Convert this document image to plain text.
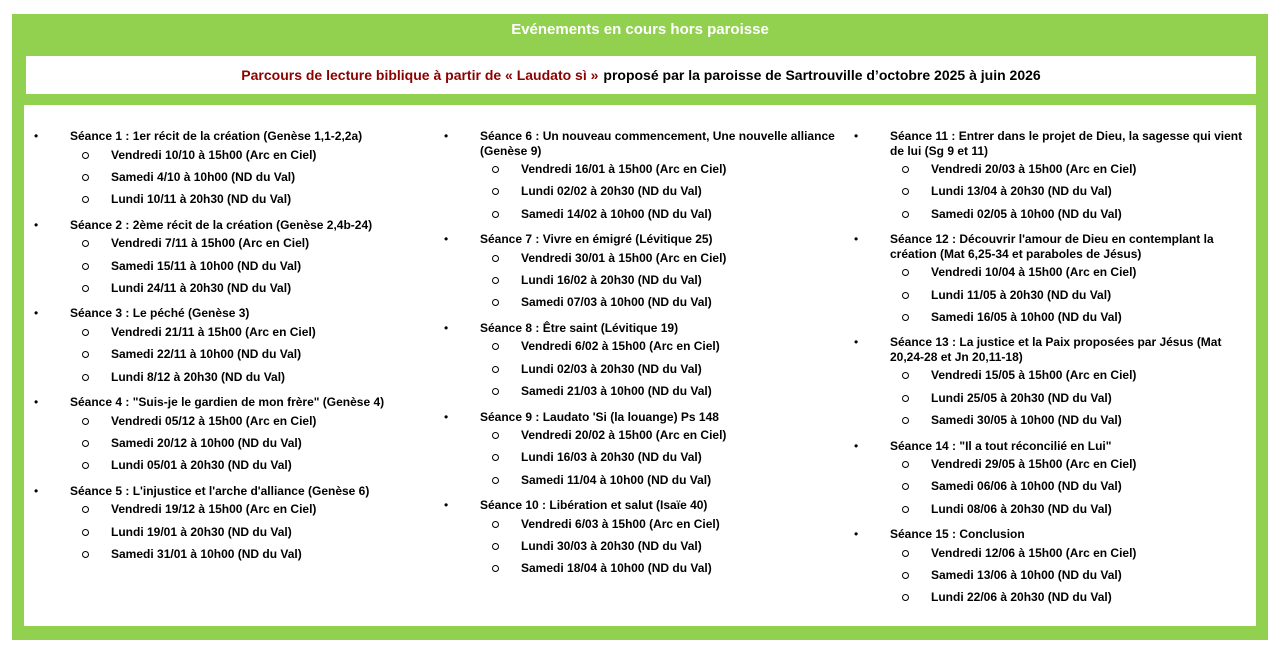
Evénements en cours hors paroisse
Parcours de lecture biblique à partir de « Laudato sì » proposé par la paroisse de Sartrouville d’octobre 2025 à juin 2026
•	Séance 1 : 1er récit de la création (Genèse 1,1-2,2a)
Vendredi 10/10 à 15h00 (Arc en Ciel)
Samedi 4/10 à 10h00 (ND du Val)
Lundi 10/11 à 20h30 (ND du Val)
•	Séance 2 : 2ème récit de la création (Genèse 2,4b-24)
Vendredi 7/11 à 15h00 (Arc en Ciel)
Samedi 15/11 à 10h00 (ND du Val)
Lundi 24/11 à 20h30 (ND du Val)
•	Séance 3 : Le péché (Genèse 3)
Vendredi 21/11 à 15h00 (Arc en Ciel)
Samedi 22/11 à 10h00 (ND du Val)
Lundi 8/12 à 20h30 (ND du Val)
•	Séance 4 : "Suis-je le gardien de mon frère" (Genèse 4)
Vendredi 05/12 à 15h00 (Arc en Ciel)
Samedi 20/12 à 10h00 (ND du Val)
Lundi 05/01 à 20h30 (ND du Val)
•	Séance 5 : L'injustice et l'arche d'alliance (Genèse 6)
Vendredi 19/12 à 15h00 (Arc en Ciel)
Lundi 19/01 à 20h30 (ND du Val)
Samedi 31/01 à 10h00 (ND du Val)
•	Séance 6 : Un nouveau commencement, Une nouvelle alliance (Genèse 9)
Vendredi 16/01 à 15h00 (Arc en Ciel)
Lundi 02/02 à 20h30 (ND du Val)
Samedi 14/02 à 10h00 (ND du Val)
•	Séance 7 : Vivre en émigré (Lévitique 25)
Vendredi 30/01 à 15h00 (Arc en Ciel)
Lundi 16/02 à 20h30 (ND du Val)
Samedi 07/03 à 10h00 (ND du Val)
•	Séance 8 : Être saint (Lévitique 19)
Vendredi 6/02 à 15h00 (Arc en Ciel)
Lundi 02/03 à 20h30 (ND du Val)
Samedi 21/03 à 10h00 (ND du Val)
•	Séance 9 : Laudato 'Si (la louange) Ps 148
Vendredi 20/02 à 15h00 (Arc en Ciel)
Lundi 16/03 à 20h30 (ND du Val)
Samedi 11/04 à 10h00 (ND du Val)
•	Séance 10 : Libération et salut (Isaïe 40)
Vendredi 6/03 à 15h00 (Arc en Ciel)
Lundi 30/03 à 20h30 (ND du Val)
Samedi 18/04 à 10h00 (ND du Val)
•	Séance 11 : Entrer dans le projet de Dieu, la sagesse qui vient de lui (Sg 9 et 11)
Vendredi 20/03 à 15h00 (Arc en Ciel)
Lundi 13/04 à 20h30 (ND du Val)
Samedi 02/05 à 10h00 (ND du Val)
•	Séance 12 : Découvrir l'amour de Dieu en contemplant la création (Mat 6,25-34 et paraboles de Jésus)
Vendredi 10/04 à 15h00 (Arc en Ciel)
Lundi 11/05 à 20h30 (ND du Val)
Samedi 16/05 à 10h00 (ND du Val)
•	Séance 13 : La justice et la Paix proposées par Jésus (Mat 20,24-28 et Jn 20,11-18)
Vendredi 15/05 à 15h00 (Arc en Ciel)
Lundi 25/05 à 20h30 (ND du Val)
Samedi 30/05 à 10h00 (ND du Val)
•	Séance 14 : "Il a tout réconcilié en Lui"
Vendredi 29/05 à 15h00 (Arc en Ciel)
Samedi 06/06 à 10h00 (ND du Val)
Lundi 08/06 à 20h30 (ND du Val)
•	Séance 15 : Conclusion
Vendredi 12/06 à 15h00 (Arc en Ciel)
Samedi 13/06 à 10h00 (ND du Val)
Lundi 22/06 à 20h30 (ND du Val)
